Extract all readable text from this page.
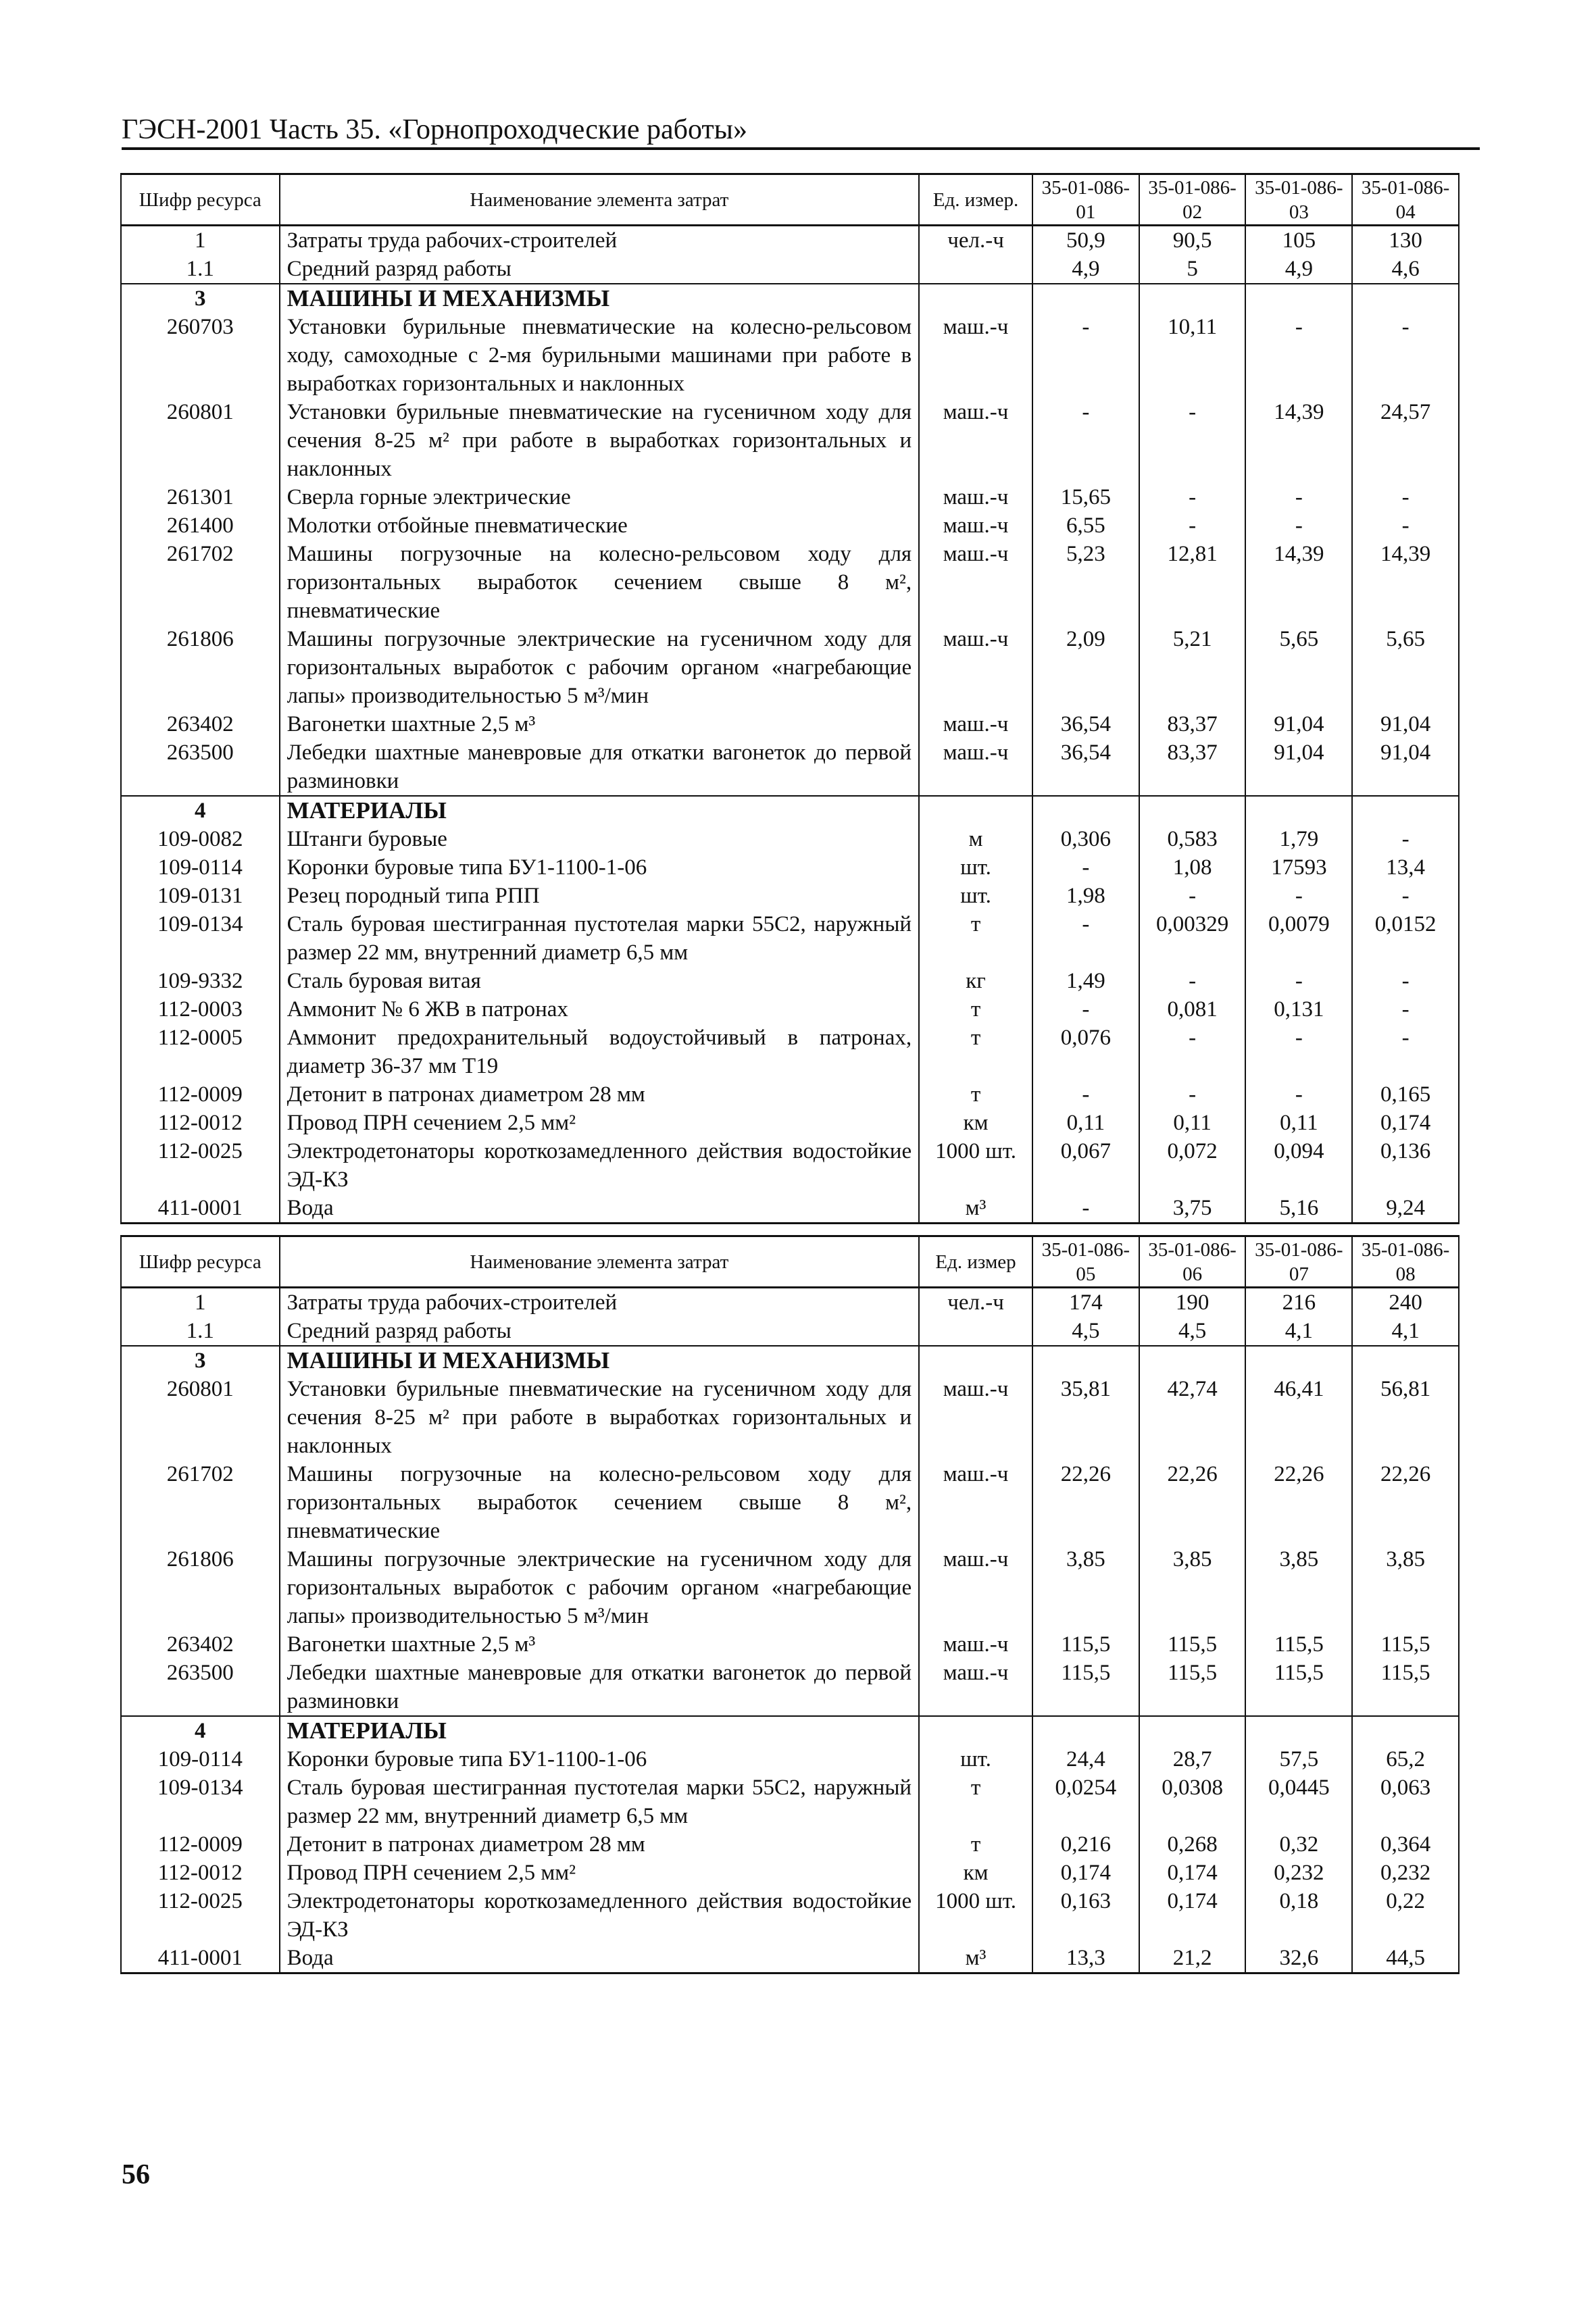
ГЭСН-2001 Часть 35. «Горнопроходческие работы»
Шифр ресурса	Наименование элемента затрат	Ед. измер.	35-01-086-01	35-01-086-02	35-01-086-03	35-01-086-04
1	Затраты труда рабочих-строителей	чел.-ч	50,9	90,5	105	130
1.1	Средний разряд работы		4,9	5	4,9	4,6
3	МАШИНЫ И МЕХАНИЗМЫ					
260703	Установки бурильные пневматические на колесно-рельсовом ходу, самоходные с 2-мя бурильными машинами при работе в выработках горизонтальных и наклонных	маш.-ч	-	10,11	-	-
260801	Установки бурильные пневматические на гусеничном ходу для сечения 8-25 м² при работе в выработках горизонтальных и наклонных	маш.-ч	-	-	14,39	24,57
261301	Сверла горные электрические	маш.-ч	15,65	-	-	-
261400	Молотки отбойные пневматические	маш.-ч	6,55	-	-	-
261702	Машины погрузочные на колесно-рельсовом ходу для горизонтальных выработок сечением свыше 8 м², пневматические	маш.-ч	5,23	12,81	14,39	14,39
261806	Машины погрузочные электрические на гусеничном ходу для горизонтальных выработок с рабочим органом «нагребающие лапы» производительностью 5 м³/мин	маш.-ч	2,09	5,21	5,65	5,65
263402	Вагонетки шахтные 2,5 м³	маш.-ч	36,54	83,37	91,04	91,04
263500	Лебедки шахтные маневровые для откатки вагонеток до первой разминовки	маш.-ч	36,54	83,37	91,04	91,04
4	МАТЕРИАЛЫ					
109-0082	Штанги буровые	м	0,306	0,583	1,79	-
109-0114	Коронки буровые типа БУ1-1100-1-06	шт.	-	1,08	17593	13,4
109-0131	Резец породный типа РПП	шт.	1,98	-	-	-
109-0134	Сталь буровая шестигранная пустотелая марки 55С2, наружный размер 22 мм, внутренний диаметр 6,5 мм	т	-	0,00329	0,0079	0,0152
109-9332	Сталь буровая витая	кг	1,49	-	-	-
112-0003	Аммонит № 6 ЖВ в патронах	т	-	0,081	0,131	-
112-0005	Аммонит предохранительный водоустойчивый в патронах, диаметр 36-37 мм Т19	т	0,076	-	-	-
112-0009	Детонит в патронах диаметром 28 мм	т	-	-	-	0,165
112-0012	Провод ПРН сечением 2,5 мм²	км	0,11	0,11	0,11	0,174
112-0025	Электродетонаторы короткозамедленного действия водостойкие ЭД-КЗ	1000 шт.	0,067	0,072	0,094	0,136
411-0001	Вода	м³	-	3,75	5,16	9,24
Шифр ресурса	Наименование элемента затрат	Ед. измер	35-01-086-05	35-01-086-06	35-01-086-07	35-01-086-08
1	Затраты труда рабочих-строителей	чел.-ч	174	190	216	240
1.1	Средний разряд работы		4,5	4,5	4,1	4,1
3	МАШИНЫ И МЕХАНИЗМЫ					
260801	Установки бурильные пневматические на гусеничном ходу для сечения 8-25 м² при работе в выработках горизонтальных и наклонных	маш.-ч	35,81	42,74	46,41	56,81
261702	Машины погрузочные на колесно-рельсовом ходу для горизонтальных выработок сечением свыше 8 м², пневматические	маш.-ч	22,26	22,26	22,26	22,26
261806	Машины погрузочные электрические на гусеничном ходу для горизонтальных выработок с рабочим органом «нагребающие лапы» производительностью 5 м³/мин	маш.-ч	3,85	3,85	3,85	3,85
263402	Вагонетки шахтные 2,5 м³	маш.-ч	115,5	115,5	115,5	115,5
263500	Лебедки шахтные маневровые для откатки вагонеток до первой разминовки	маш.-ч	115,5	115,5	115,5	115,5
4	МАТЕРИАЛЫ					
109-0114	Коронки буровые типа БУ1-1100-1-06	шт.	24,4	28,7	57,5	65,2
109-0134	Сталь буровая шестигранная пустотелая марки 55С2, наружный размер 22 мм, внутренний диаметр 6,5 мм	т	0,0254	0,0308	0,0445	0,063
112-0009	Детонит в патронах диаметром 28 мм	т	0,216	0,268	0,32	0,364
112-0012	Провод ПРН сечением 2,5 мм²	км	0,174	0,174	0,232	0,232
112-0025	Электродетонаторы короткозамедленного действия водостойкие ЭД-КЗ	1000 шт.	0,163	0,174	0,18	0,22
411-0001	Вода	м³	13,3	21,2	32,6	44,5
56
